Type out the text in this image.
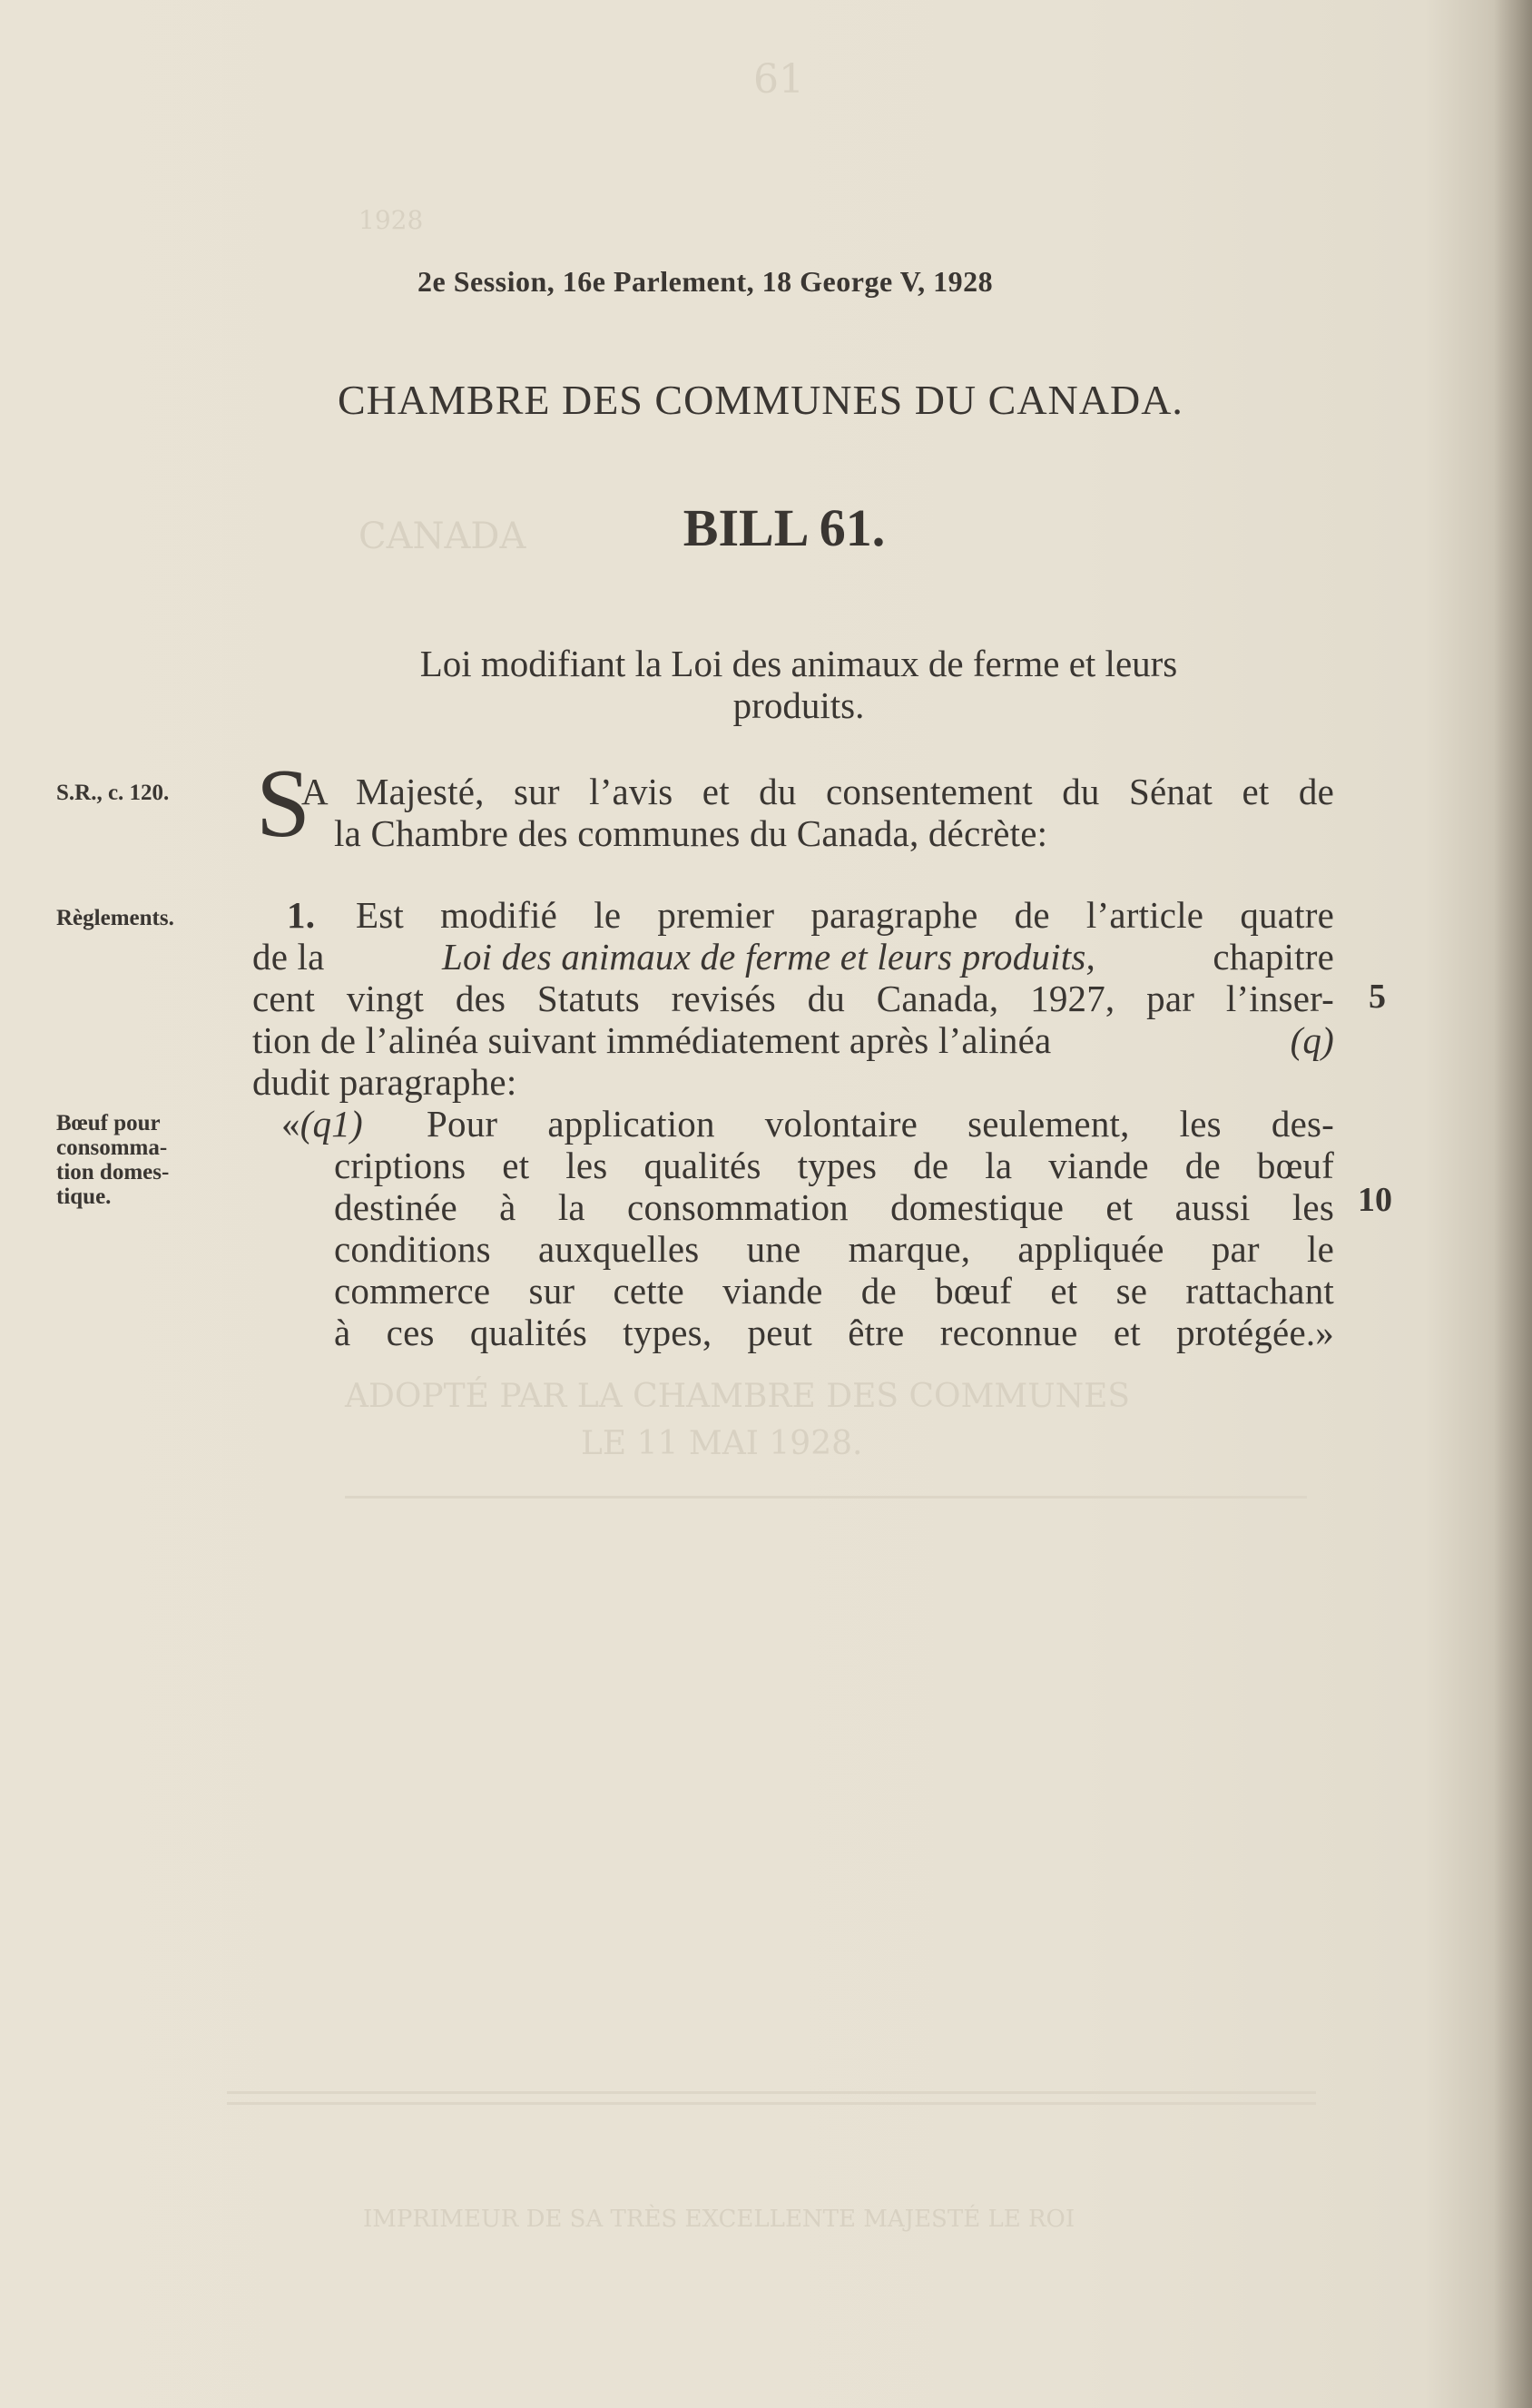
61
1928
CANADA
ADOPTÉ PAR LA CHAMBRE DES COMMUNES
LE 11 MAI 1928.
IMPRIMEUR DE SA TRÈS EXCELLENTE MAJESTÉ LE ROI
2e Session, 16e Parlement, 18 George V, 1928
CHAMBRE DES COMMUNES DU CANADA.
BILL 61.
Loi modifiant la Loi des animaux de ferme et leurs
produits.
S.R., c. 120.
Règlements.
Bœuf pour
consomma-
tion domes-
tique.
S
A Majesté, sur l’avis et du consentement du Sénat et de
la Chambre des communes du Canada, décrète:
1. Est modifié le premier paragraphe de l’article quatre
de la	Loi des animaux de ferme et leurs produits,	chapitre
cent vingt des Statuts revisés du Canada, 1927, par l’inser-
tion de l’alinéa suivant immédiatement après l’alinéa	(q)
dudit paragraphe:
«(q1) Pour application volontaire seulement, les des-
criptions et les qualités types de la viande de bœuf
destinée à la consommation domestique et aussi les
conditions auxquelles une marque, appliquée par le
commerce sur cette viande de bœuf et se rattachant
à ces qualités types, peut être reconnue et protégée.»
5
10
